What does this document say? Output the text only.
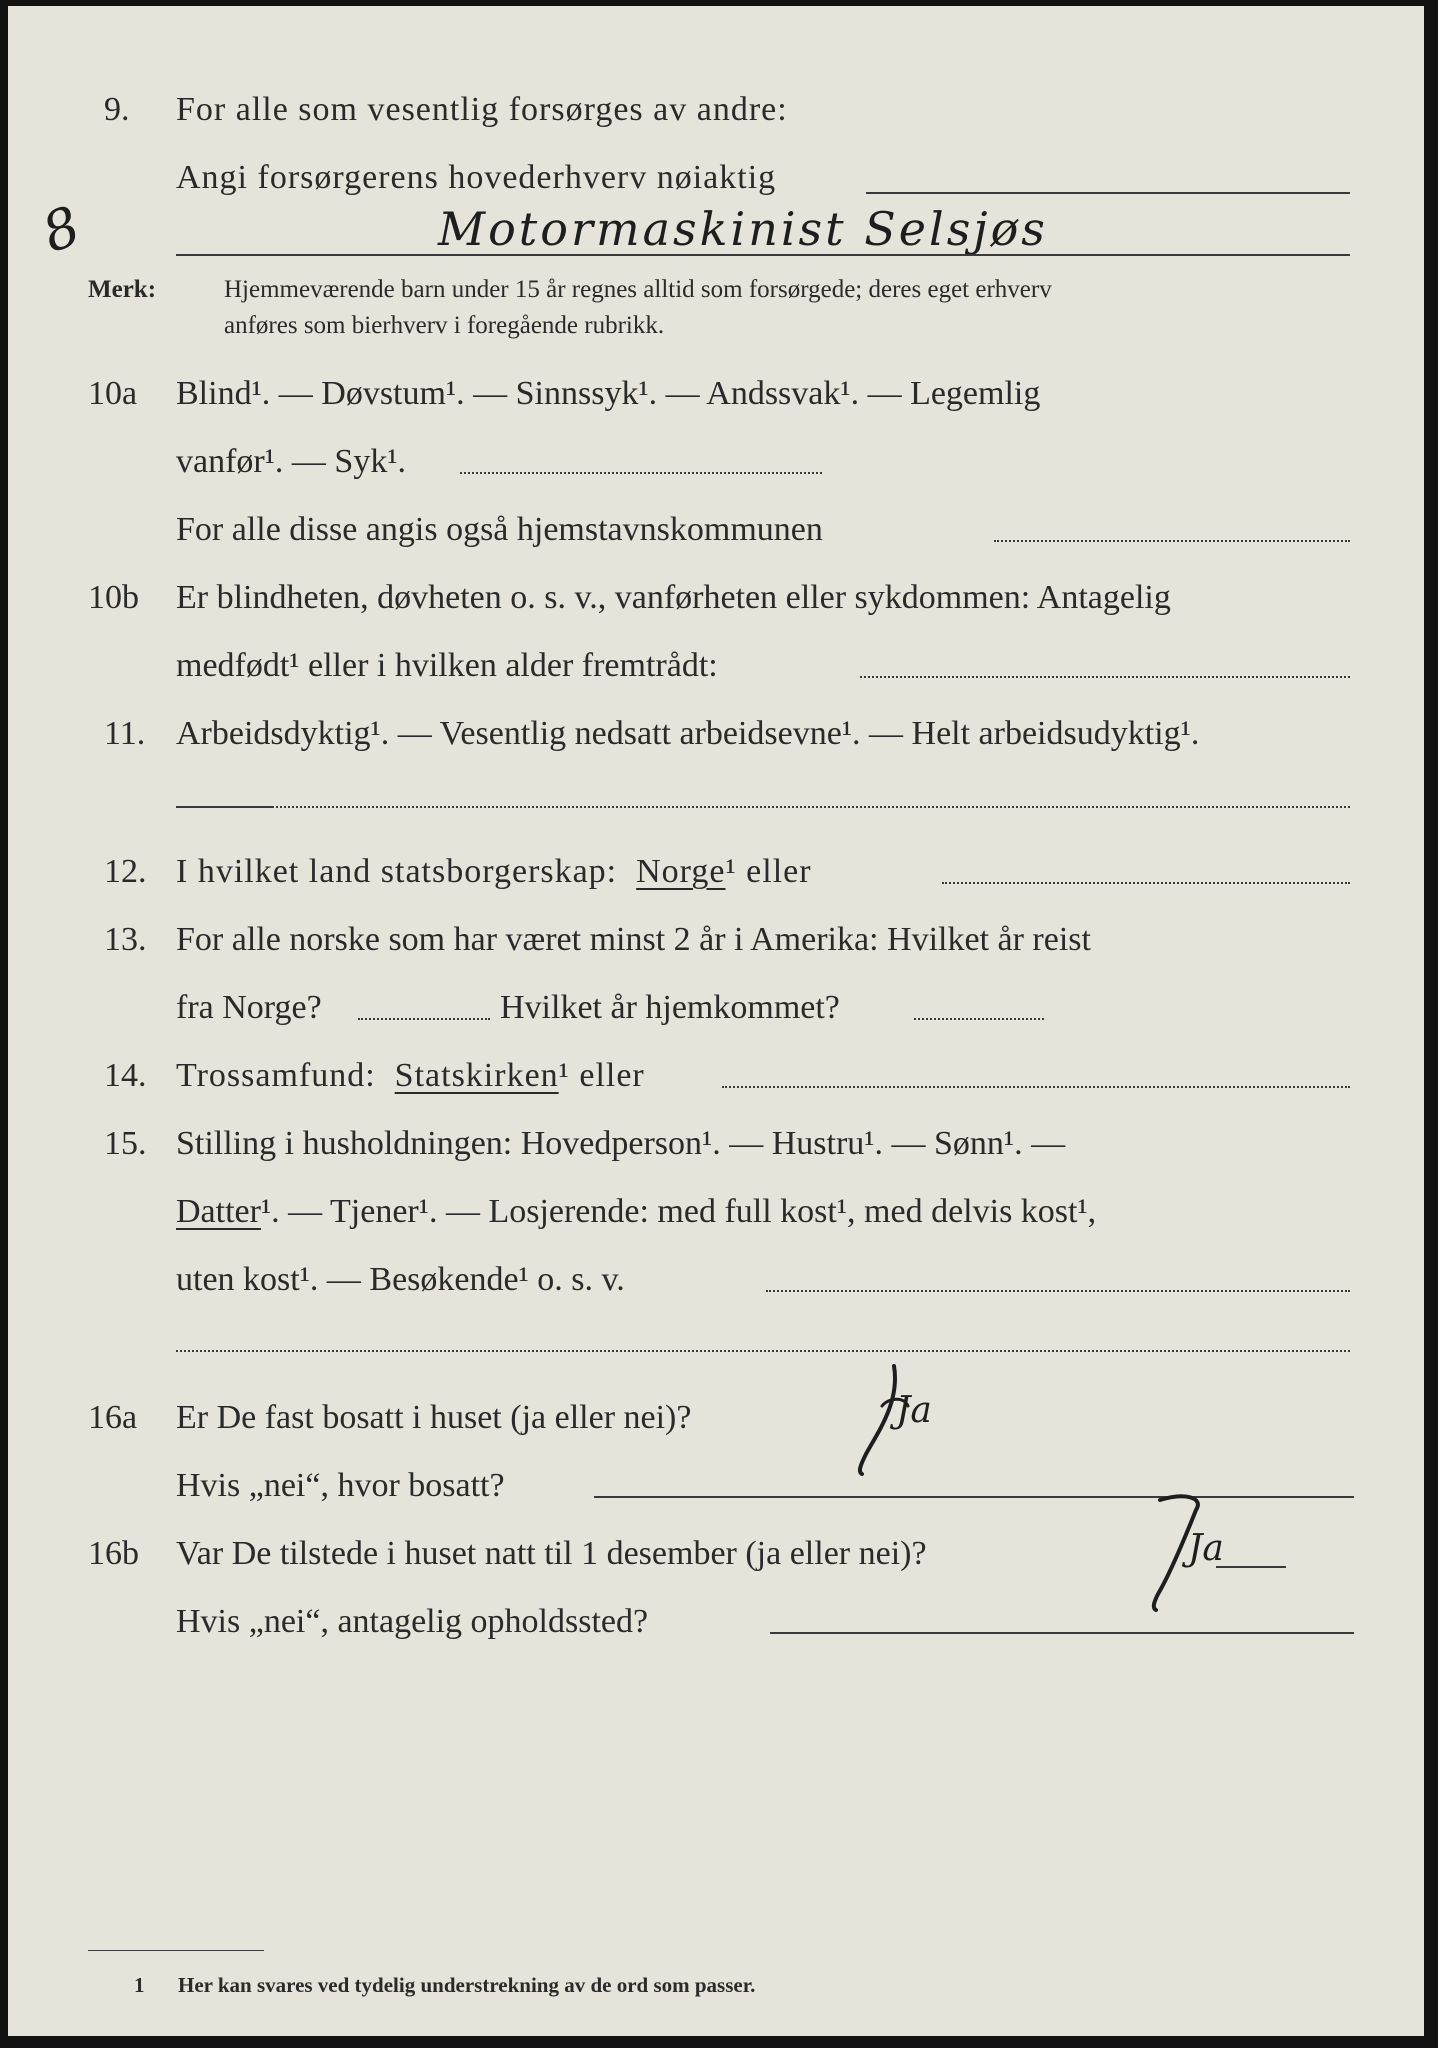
9. For alle som vesentlig forsørges av andre:
Angi forsørgerens hovederhverv nøiaktig
Motormaskinist Selsjøs
8
Merk:	Hjemmeværende barn under 15 år regnes alltid som forsørgede; deres eget erhverv
anføres som bierhverv i foregående rubrikk.
10a Blind¹. — Døvstum¹. — Sinnssyk¹. — Andssvak¹. — Legemlig
vanfør¹. — Syk¹.
For alle disse angis også hjemstavnskommunen
10b Er blindheten, døvheten o. s. v., vanførheten eller sykdommen: Antagelig
medfødt¹ eller i hvilken alder fremtrådt:
11. Arbeidsdyktig¹. — Vesentlig nedsatt arbeidsevne¹. — Helt arbeidsudyktig¹.
12. I hvilket land statsborgerskap: Norge¹ eller
13. For alle norske som har været minst 2 år i Amerika: Hvilket år reist
fra Norge?	Hvilket år hjemkommet?
14. Trossamfund: Statskirken¹ eller
15. Stilling i husholdningen: Hovedperson¹. — Hustru¹. — Sønn¹. —
Datter¹. — Tjener¹. — Losjerende: med full kost¹, med delvis kost¹,
uten kost¹. — Besøkende¹ o. s. v.
16a Er De fast bosatt i huset (ja eller nei)?	Ja
Hvis „nei“, hvor bosatt?
16b Var De tilstede i huset natt til 1 desember (ja eller nei)?	Ja
Hvis „nei“, antagelig opholdssted?
1 Her kan svares ved tydelig understrekning av de ord som passer.
